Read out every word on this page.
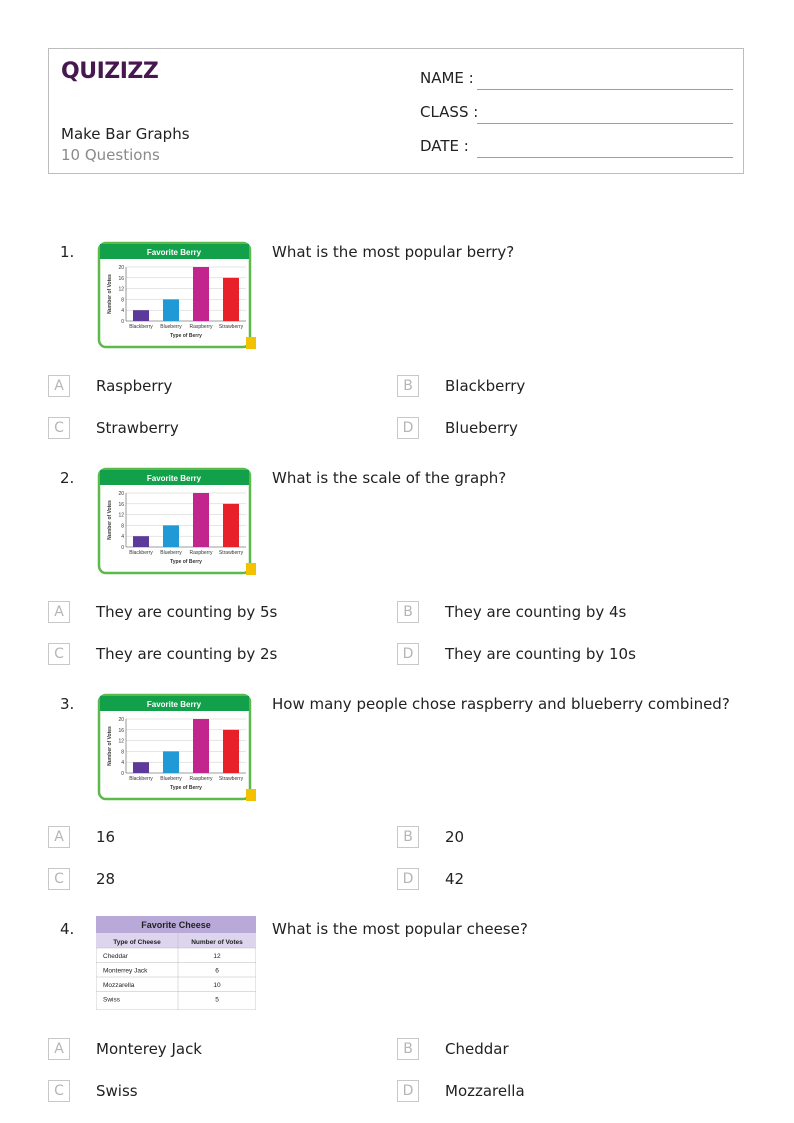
QUIZIZZ
Make Bar Graphs
10 Questions
NAME :
CLASS :
DATE :
1.	Favorite Berry
20
16
12
8
4
0
Blackberry Blueberry Raspberry Strawberry
Type of Berry
Number of Votes
What is the most popular berry?
A	Raspberry	B	Blackberry
C	Strawberry	D	Blueberry
2.	Favorite Berry
20
16
12
8
4
0
Blackberry Blueberry Raspberry Strawberry
Type of Berry
Number of Votes
What is the scale of the graph?
A	They are counting by 5s	B	They are counting by 4s
C	They are counting by 2s	D	They are counting by 10s
3.	Favorite Berry
20
16
12
8
4
0
Blackberry Blueberry Raspberry Strawberry
Type of Berry
Number of Votes
How many people chose raspberry and blueberry combined?
A	16	B	20
C	28	D	42
4.	Favorite Cheese
Type of Cheese	Number of Votes
Cheddar	12
Monterrey Jack	6
Mozzarella	10
Swiss	5
What is the most popular cheese?
A	Monterey Jack	B	Cheddar
C	Swiss	D	Mozzarella
